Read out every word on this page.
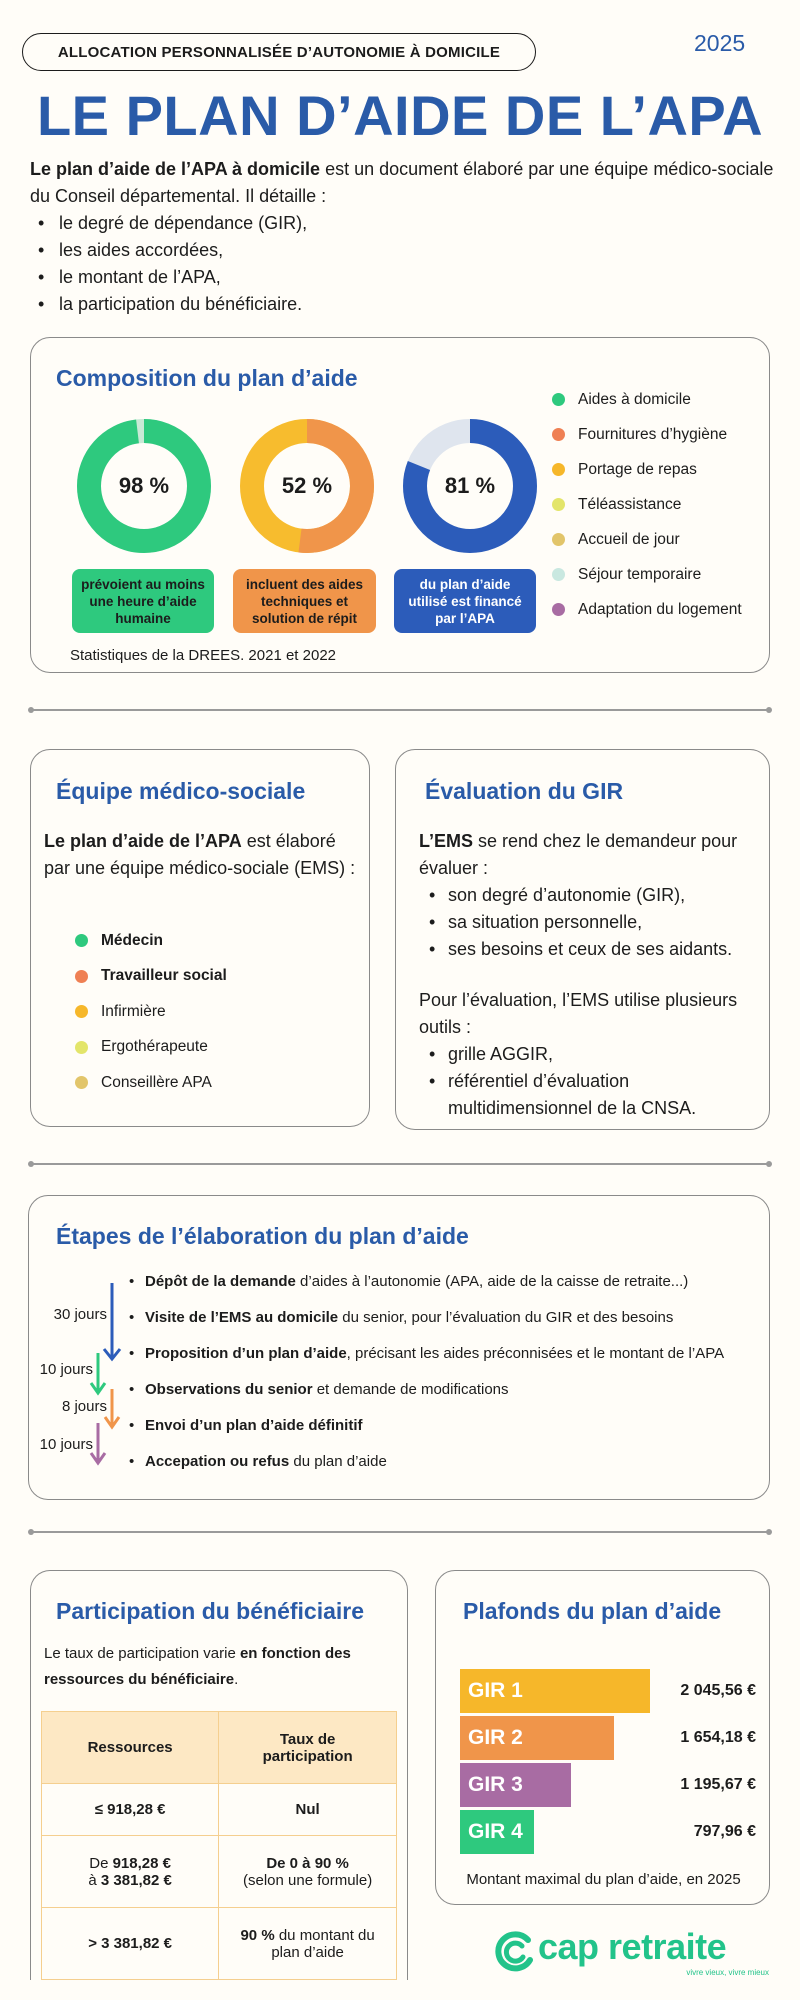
ALLOCATION PERSONNALISÉE D’AUTONOMIE À DOMICILE	2025
LE PLAN D’AIDE DE L’APA

Le plan d’aide de l’APA à domicile est un document élaboré par une équipe médico-sociale du Conseil départemental. Il détaille :

• le degré de dépendance (GIR),
• les aides accordées,
• le montant de l’APA,
• la participation du bénéficiaire.
Composition du plan d’aide
98 %	52 %	81 %
prévoient au moins une heure d’aide humaine
incluent des aides techniques et solution de répit
du plan d’aide utilisé est financé par l’APA
Aides à domicile
Fournitures d’hygiène
Portage de repas
Téléassistance
Accueil de jour
Séjour temporaire
Adaptation du logement
Statistiques de la DREES. 2021 et 2022
Équipe médico-sociale

Le plan d’aide de l’APA est élaboré par une équipe médico-sociale (EMS) :

Médecin
Travailleur social
Infirmière
Ergothérapeute
Conseillère APA
Évaluation du GIR

L’EMS se rend chez le demandeur pour évaluer :

• son degré d’autonomie (GIR),
• sa situation personnelle,
• ses besoins et ceux de ses aidants.

Pour l’évaluation, l’EMS utilise plusieurs outils :

• grille AGGIR,
• référentiel d’évaluation multidimensionnel de la CNSA.
Étapes de l’élaboration du plan d’aide
30 jours
10 jours
8 jours
10 jours
• Dépôt de la demande d’aides à l’autonomie (APA, aide de la caisse de retraite...)
• Visite de l’EMS au domicile du senior, pour l’évaluation du GIR et des besoins
• Proposition d’un plan d’aide, précisant les aides préconnisées et le montant de l’APA
• Observations du senior et demande de modifications
• Envoi d’un plan d’aide définitif
• Accepation ou refus du plan d’aide
Participation du bénéficiaire

Le taux de participation varie en fonction des ressources du bénéficiaire.

Ressources	Taux de participation
≤ 918,28 €	Nul
De 918,28 €
à 3 381,82 €	De 0 à 90 %
(selon une formule)
> 3 381,82 €	90 % du montant du plan d’aide
Plafonds du plan d’aide
GIR 1	2 045,56 €
GIR 2	1 654,18 €
GIR 3	1 195,67 €
GIR 4	797,96 €
Montant maximal du plan d’aide, en 2025
cap retraite
vivre vieux, vivre mieux
